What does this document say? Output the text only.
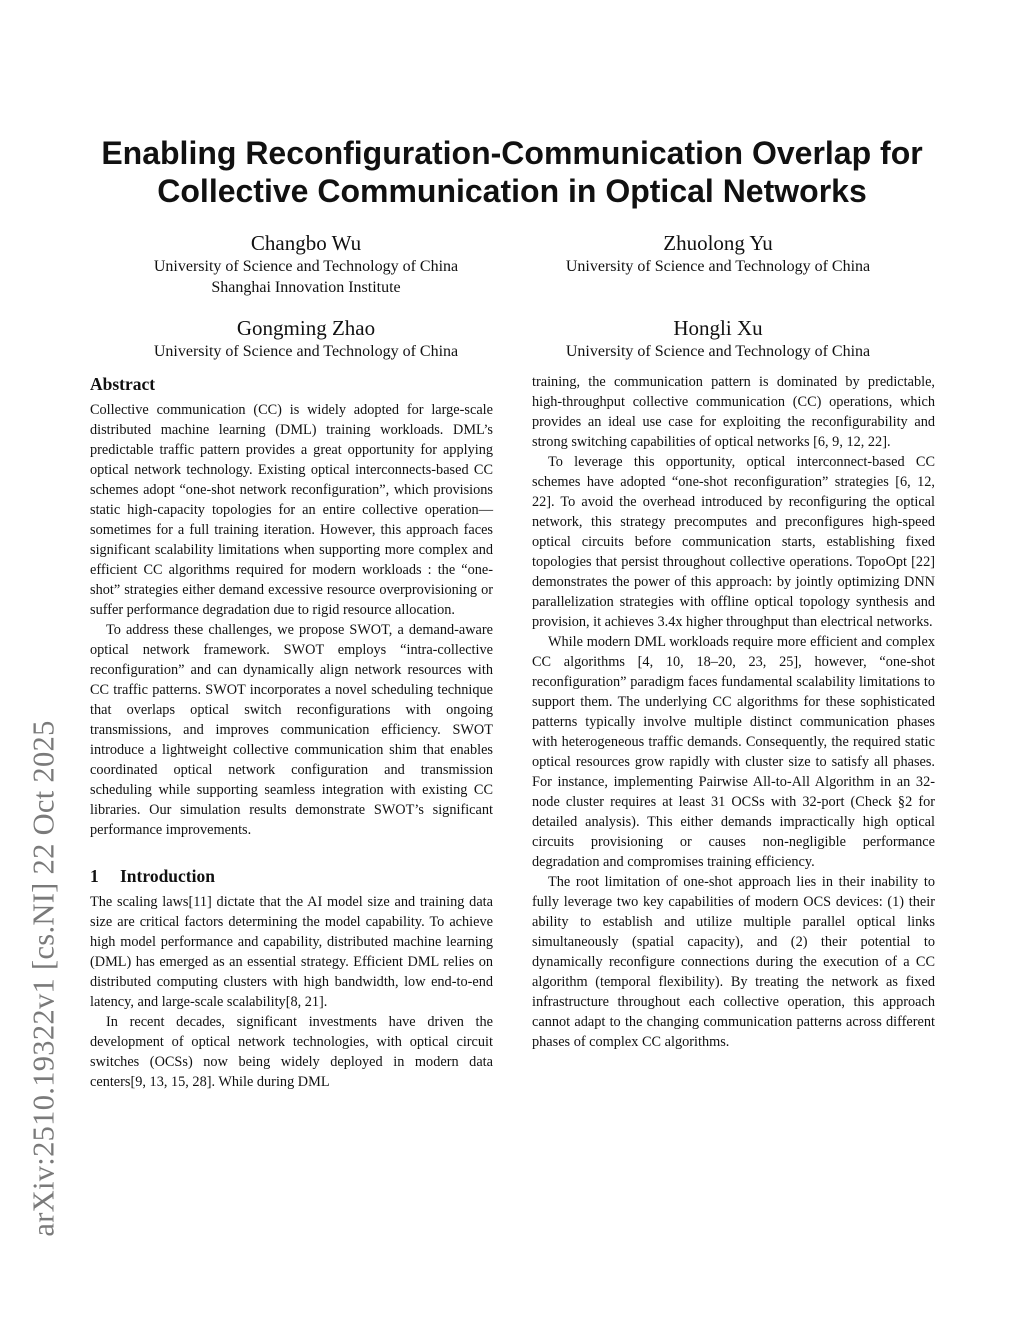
Enabling Reconfiguration-Communication Overlap for Collective Communication in Optical Networks
Changbo Wu
University of Science and Technology of China
Shanghai Innovation Institute
Zhuolong Yu
University of Science and Technology of China
Gongming Zhao
University of Science and Technology of China
Hongli Xu
University of Science and Technology of China
arXiv:2510.19322v1 [cs.NI] 22 Oct 2025
Abstract

Collective communication (CC) is widely adopted for large-scale distributed machine learning (DML) training workloads. DML’s predictable traffic pattern provides a great opportunity for applying optical network technology. Existing optical interconnects-based CC schemes adopt “one-shot network reconfiguration”, which provisions static high-capacity topologies for an entire collective operation—sometimes for a full training iteration. However, this approach faces significant scalability limitations when supporting more complex and efficient CC algorithms required for modern workloads : the “one-shot” strategies either demand excessive resource overprovisioning or suffer performance degradation due to rigid resource allocation.

To address these challenges, we propose SWOT, a demand-aware optical network framework. SWOT employs “intra-collective reconfiguration” and can dynamically align network resources with CC traffic patterns. SWOT incorporates a novel scheduling technique that overlaps optical switch reconfigurations with ongoing transmissions, and improves communication efficiency. SWOT introduce a lightweight collective communication shim that enables coordinated optical network configuration and transmission scheduling while supporting seamless integration with existing CC libraries. Our simulation results demonstrate SWOT’s significant performance improvements.

1 Introduction

The scaling laws[11] dictate that the AI model size and training data size are critical factors determining the model capability. To achieve high model performance and capability, distributed machine learning (DML) has emerged as an essential strategy. Efficient DML relies on distributed computing clusters with high bandwidth, low end-to-end latency, and large-scale scalability[8, 21].

In recent decades, significant investments have driven the development of optical network technologies, with optical circuit switches (OCSs) now being widely deployed in modern data centers[9, 13, 15, 28]. While during DML

training, the communication pattern is dominated by predictable, high-throughput collective communication (CC) operations, which provides an ideal use case for exploiting the reconfigurability and strong switching capabilities of optical networks [6, 9, 12, 22].

To leverage this opportunity, optical interconnect-based CC schemes have adopted “one-shot reconfiguration” strategies [6, 12, 22]. To avoid the overhead introduced by reconfiguring the optical network, this strategy precomputes and preconfigures high-speed optical circuits before communication starts, establishing fixed topologies that persist throughout collective operations. TopoOpt [22] demonstrates the power of this approach: by jointly optimizing DNN parallelization strategies with offline optical topology synthesis and provision, it achieves 3.4x higher throughput than electrical networks.

While modern DML workloads require more efficient and complex CC algorithms [4, 10, 18–20, 23, 25], however, “one-shot reconfiguration” paradigm faces fundamental scalability limitations to support them. The underlying CC algorithms for these sophisticated patterns typically involve multiple distinct communication phases with heterogeneous traffic demands. Consequently, the required static optical resources grow rapidly with cluster size to satisfy all phases. For instance, implementing Pairwise All-to-All Algorithm in an 32-node cluster requires at least 31 OCSs with 32-port (Check §2 for detailed analysis). This either demands impractically high optical circuits provisioning or causes non-negligible performance degradation and compromises training efficiency.

The root limitation of one-shot approach lies in their inability to fully leverage two key capabilities of modern OCS devices: (1) their ability to establish and utilize multiple parallel optical links simultaneously (spatial capacity), and (2) their potential to dynamically reconfigure connections during the execution of a CC algorithm (temporal flexibility). By treating the network as fixed infrastructure throughout each collective operation, this approach cannot adapt to the changing communication patterns across different phases of complex CC algorithms.
